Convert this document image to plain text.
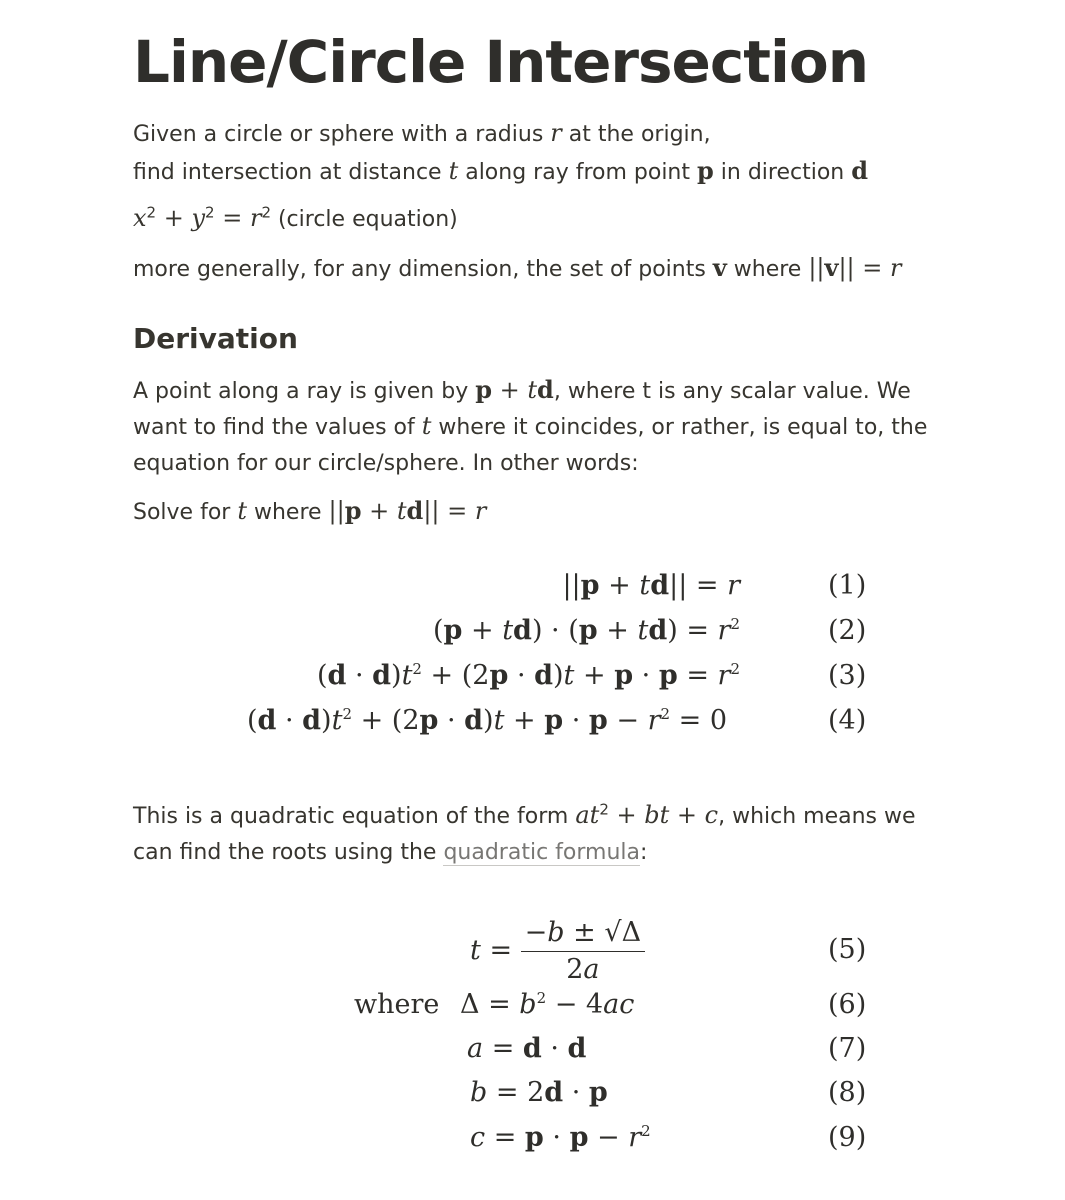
Line/Circle Intersection

Given a circle or sphere with a radius r at the origin,

find intersection at distance t along ray from point p in direction d

$x^2 + y^2 = r^2$ (circle equation)

more generally, for any dimension, the set of points v where ||v|| = r

Derivation

A point along a ray is given by p + td, where t is any scalar value. We

want to find the values of t where it coincides, or rather, is equal to, the

equation for our circle/sphere. In other words:

Solve for t where ||p + td|| = r

This is a quadratic equation of the form $at^2$ + bt + c, which means we

can find the roots using the quadratic formula:

||p + td|| = r	(1)
$(p + td) \cdot (p + td) = r^2$	(2)
$(d \cdot d)t^2 + (2p \cdot d)t + p \cdot p = r^2$	(3)
$(d \cdot d)t^2 + (2p \cdot d)t + p \cdot p - r^2 = 0$	(4)
$t = \frac{-b \pm √\Delta}{2a}$	(5)
where $\Delta = b^2 - 4ac$	(6)
a = d · d	(7)
b = 2d · p	(8)
$c = p \cdot p - r^2$	(9)
